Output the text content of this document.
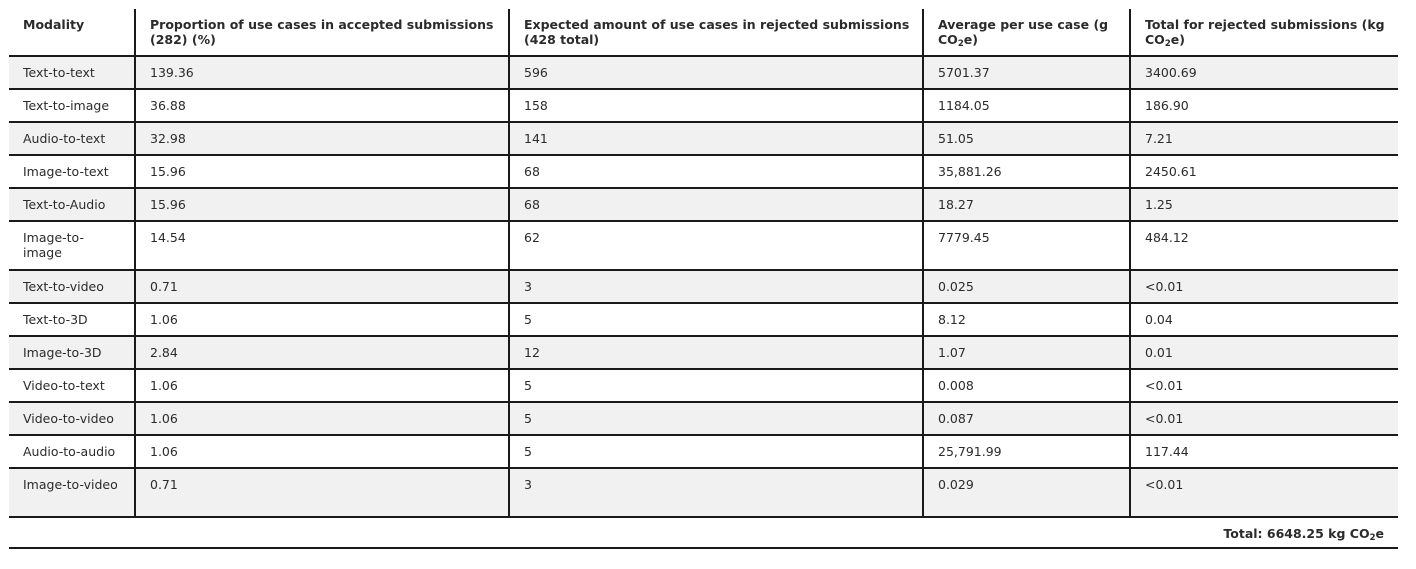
Modality	Proportion of use cases in accepted submissions (282) (%)	Expected amount of use cases in rejected submissions (428 total)	Average per use case (g $CO_2e$)	Total for rejected submissions (kg $CO_2e$)
Text-to-text	139.36	596	5701.37	3400.69
Text-to-image	36.88	158	1184.05	186.90
Audio-to-text	32.98	141	51.05	7.21
Image-to-text	15.96	68	35,881.26	2450.61
Text-to-Audio	15.96	68	18.27	1.25
Image-to-image	14.54	62	7779.45	484.12
Text-to-video	0.71	3	0.025	<0.01
Text-to-3D	1.06	5	8.12	0.04
Image-to-3D	2.84	12	1.07	0.01
Video-to-text	1.06	5	0.008	<0.01
Video-to-video	1.06	5	0.087	<0.01
Audio-to-audio	1.06	5	25,791.99	117.44
Image-to-video	0.71	3	0.029	<0.01
Total: 6648.25 kg $CO_2e$
